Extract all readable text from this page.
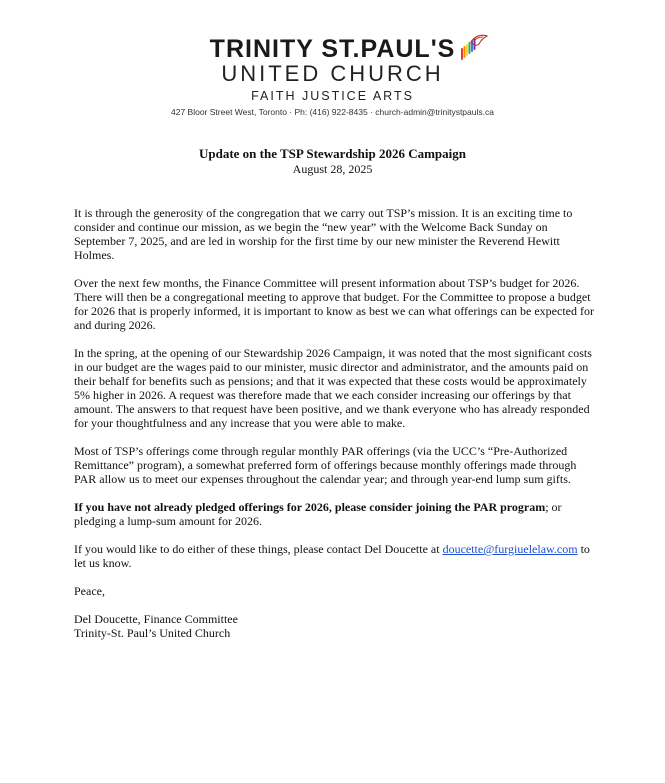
TRINITY ST.PAUL'S
UNITED CHURCH
FAITH JUSTICE ARTS
427 Bloor Street West, Toronto · Ph: (416) 922-8435 · church-admin@trinitystpauls.ca
Update on the TSP Stewardship 2026 Campaign
August 28, 2025

It is through the generosity of the congregation that we carry out TSP’s mission. It is an exciting time to consider and continue our mission, as we begin the “new year” with the Welcome Back Sunday on September 7, 2025, and are led in worship for the first time by our new minister the Reverend Hewitt Holmes.

Over the next few months, the Finance Committee will present information about TSP’s budget for 2026. There will then be a congregational meeting to approve that budget. For the Committee to propose a budget for 2026 that is properly informed, it is important to know as best we can what offerings can be expected for and during 2026.

In the spring, at the opening of our Stewardship 2026 Campaign, it was noted that the most significant costs in our budget are the wages paid to our minister, music director and administrator, and the amounts paid on their behalf for benefits such as pensions; and that it was expected that these costs would be approximately 5% higher in 2026. A request was therefore made that we each consider increasing our offerings by that amount. The answers to that request have been positive, and we thank everyone who has already responded for your thoughtfulness and any increase that you were able to make.

Most of TSP’s offerings come through regular monthly PAR offerings (via the UCC’s “Pre-Authorized Remittance” program), a somewhat preferred form of offerings because monthly offerings made through PAR allow us to meet our expenses throughout the calendar year; and through year-end lump sum gifts.

If you have not already pledged offerings for 2026, please consider joining the PAR program; or pledging a lump-sum amount for 2026.

If you would like to do either of these things, please contact Del Doucette at doucette@furgiuelelaw.com to let us know.

Peace,

Del Doucette, Finance Committee

Trinity-St. Paul’s United Church
